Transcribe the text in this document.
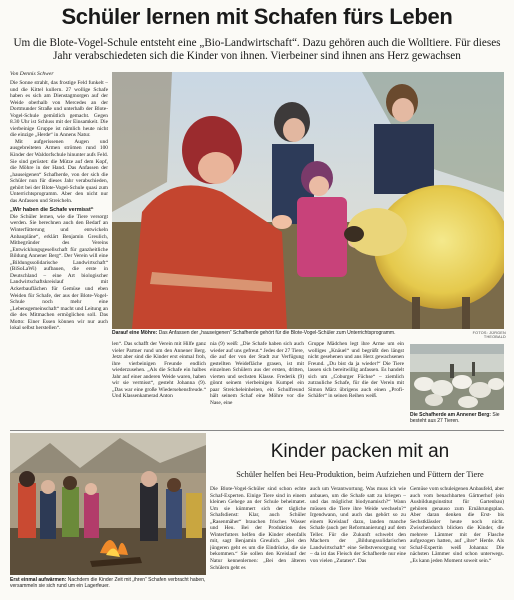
Schüler lernen mit Schafen fürs Leben
Um die Blote-Vogel-Schule entsteht eine „Bio-Landwirtschaft“. Dazu gehören auch die Wolltiere. Für dieses Jahr verabschiedeten sich die Kinder von ihnen. Vierbeiner sind ihnen ans Herz gewachsen
Von Dennis Schwer

Die Sonne strahlt, das frostige Feld funkelt – und die Kittel kullern. 27 wollige Schafe haben es sich am Dienstagmorgen auf der Weide oberhalb von Mercedes an der Dortmunder Straße und unterhalb der Blote-Vogel-Schule gemütlich gemacht. Gegen 8.30 Uhr ist Schluss mit der Einsamkeit. Die vierbeinige Gruppe ist nämlich heute nicht die einzige „Herde“ in Annens Natur.

Mit aufgerissenen Augen und ausgebreiteten Armen strömen rund 100 Kinder der Waldorfschule hinunter aufs Feld. Sie sind gerüstet: die Mütze auf dem Kopf, die Möhre in der Hand. Das Anfassen der „hauseigenen“ Schafherde, von der sich die Schüler nun für dieses Jahr verabschieden, gehört bei der Blote-Vogel-Schule quasi zum Unterrichtsprogramm. Aber den nicht nur das Anfassen und Streicheln.

„Wir haben die Schafe vermisst“

Die Schüler lernen, wie die Tiere versorgt werden. Sie berechnen auch den Bedarf an Winterfütterung und entwickeln Anbaupläne“, erklärt Benjamin Greulich, Mitbegründer des Vereins „Entwicklungsgesellschaft für ganzheitliche Bildung Annener Berg“. Der Verein will eine „Bildungssolidarische Landwirtschaft“ (BiSoLaWi) aufbauen, die erste in Deutschland – eine Art biologischer Landwirtschaftskreislauf mit Ackerbauflächen für Gemüse und eben Weiden für Schafe, der aus der Blote-Vogel-Schule noch mehr eine „Lebensgemeinschaft“ macht und Leitung an die des Mitmachen ermöglichen soll. Das Motto: Einer Essen können wir nur auch lokal selbst herstellen“.

Darauf eine Möhre: Das Anfassen der „hauseigenen“ Schafherde gehört für die Blote-Vogel-Schüler zum Unterrichtsprogramm.	FOTOS: JÜRGEN THEOBALD

len“. Das schafft der Verein mit Hilfe ganz vieler Partner rund um den Annener Berg. Jetzt aber sind die Kinder erst einmal froh, ihre vierbeinigen Freunde endlich wiederzusehen. „Als die Schafe ein halbes Jahr auf einer anderen Weide waren, haben wir sie vermisst“, gesteht Johanna (9). „Das war eine große Wiedersehensfreude.“ Und Klassenkamerad Anton

nia (9) weiß: „Die Schafe haben sich auch wieder auf uns gefreut.“ Jedes der 27 Tiere, die auf der von der Stadt zur Verfügung gestellten Weidefläche grasen, ist mit einzelnen Schülern aus der ersten, dritten, vierten und sechsten Klasse. Frederik (9) gönnt seinem vierbeinigen Kumpel ein paar Streicheleinheiten, ein Schulfreund hält seinem Schaf eine Möhre vor die Nase, eine

Gruppe Mädchen legt ihre Arme um ein wolliges „Knäuel“ und begrüßt den längst nicht gesehenen und ans Herz gewachsenen Freund. „Du bist da ja wieder!“ Die Tiere lassen sich bereitwillig anfassen. Es handelt sich um „Coburger Füchse“ – ziemlich zutrauliche Schafe, für die der Verein mit Simon März übrigens auch einen „Profi-Schäfer“ in seinen Reihen weiß.

Die Schafherde am Annener Berg: Sie besteht aus 27 Tieren.
Erst einmal aufwärmen: Nachdem die Kinder Zeit mit „ihren“ Schafen verbracht haben, versammeln sie sich rund um ein Lagerfeuer.
Kinder packen mit an
Schüler helfen bei Heu-Produktion, beim Aufziehen und Füttern der Tiere

Die Blote-Vogel-Schüler sind schon echte Schaf-Experten. Einige Tiere sind in einem kleinen Gehege an der Schule beheimatet. Um sie kümmert sich der tägliche Schafsdienst: Klar, auch Schüler „Rasenmäher“ brauchen frisches Wasser und Heu. Bei der Produktion des Winterfutters helfen die Kinder ebenfalls mit, sagt Benjamin Greulich. „Bei den jüngeren geht es um die Eindrücke, die sie bekommen.“ Sie sollen den Kreislauf der Natur kennenlernen: „Bei den älteren Schülern geht es

auch um Verantwortung. Was muss ich wie anbauen, um die Schafe satt zu kriegen – und das möglichst biodynamisch?“ Wann müssen die Tiere ihre Weide wechseln?“ Irgendwann, und auch das gehört so zu einem Kreislauf dazu, landen manche Schafe (auch per Reformanierung) auf dem Teller. Für die Zukunft schwebt den Machern der „Bildungssolidarischen Landwirtschaft“ eine Selbstversorgung vor – da ist das Fleisch der Schafherde nur eine von vielen „Zutaten“. Das

Gemüse vom schuleigenen Anbaufeld, aber auch vom benachbarten Gärtnerhof (ein Ausbildungsinstitut für Gartenbau) gehören genauso zum Ernährungsplan. Aber daran denken die Erst- bis Sechstklässler heute noch nicht. Zwischendurch blicken die Kinder, die mehrere Lämmer mit der Flasche aufgezogen hatten, auf „ihre“ Herde. Als Schaf-Expertin weiß Johanna: Die nächsten Lämmer sind schon unterwegs. „Es kann jeden Moment soweit sein.“
